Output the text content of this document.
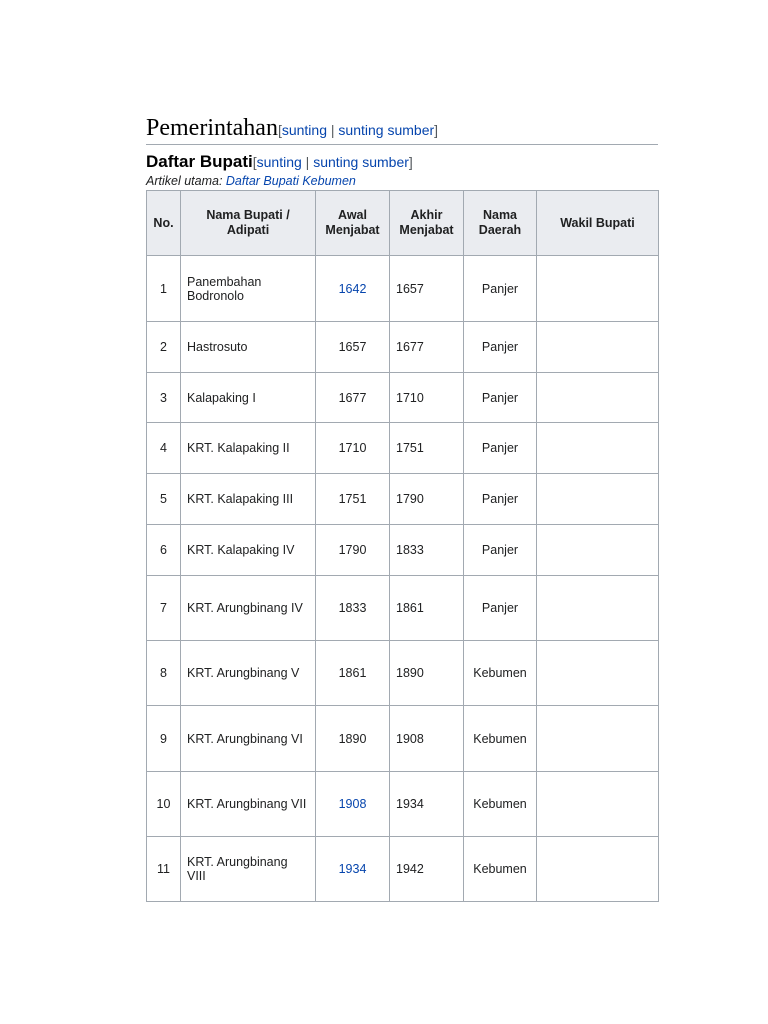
Pemerintahan[sunting | sunting sumber]
Daftar Bupati[sunting | sunting sumber]
Artikel utama: Daftar Bupati Kebumen
No.	Nama Bupati / Adipati	Awal Menjabat	Akhir Menjabat	Nama Daerah	Wakil Bupati
1	Panembahan Bodronolo	1642	1657	Panjer	
2	Hastrosuto	1657	1677	Panjer	
3	Kalapaking I	1677	1710	Panjer	
4	KRT. Kalapaking II	1710	1751	Panjer	
5	KRT. Kalapaking III	1751	1790	Panjer	
6	KRT. Kalapaking IV	1790	1833	Panjer	
7	KRT. Arungbinang IV	1833	1861	Panjer	
8	KRT. Arungbinang V	1861	1890	Kebumen	
9	KRT. Arungbinang VI	1890	1908	Kebumen	
10	KRT. Arungbinang VII	1908	1934	Kebumen	
11	KRT. Arungbinang VIII	1934	1942	Kebumen	
